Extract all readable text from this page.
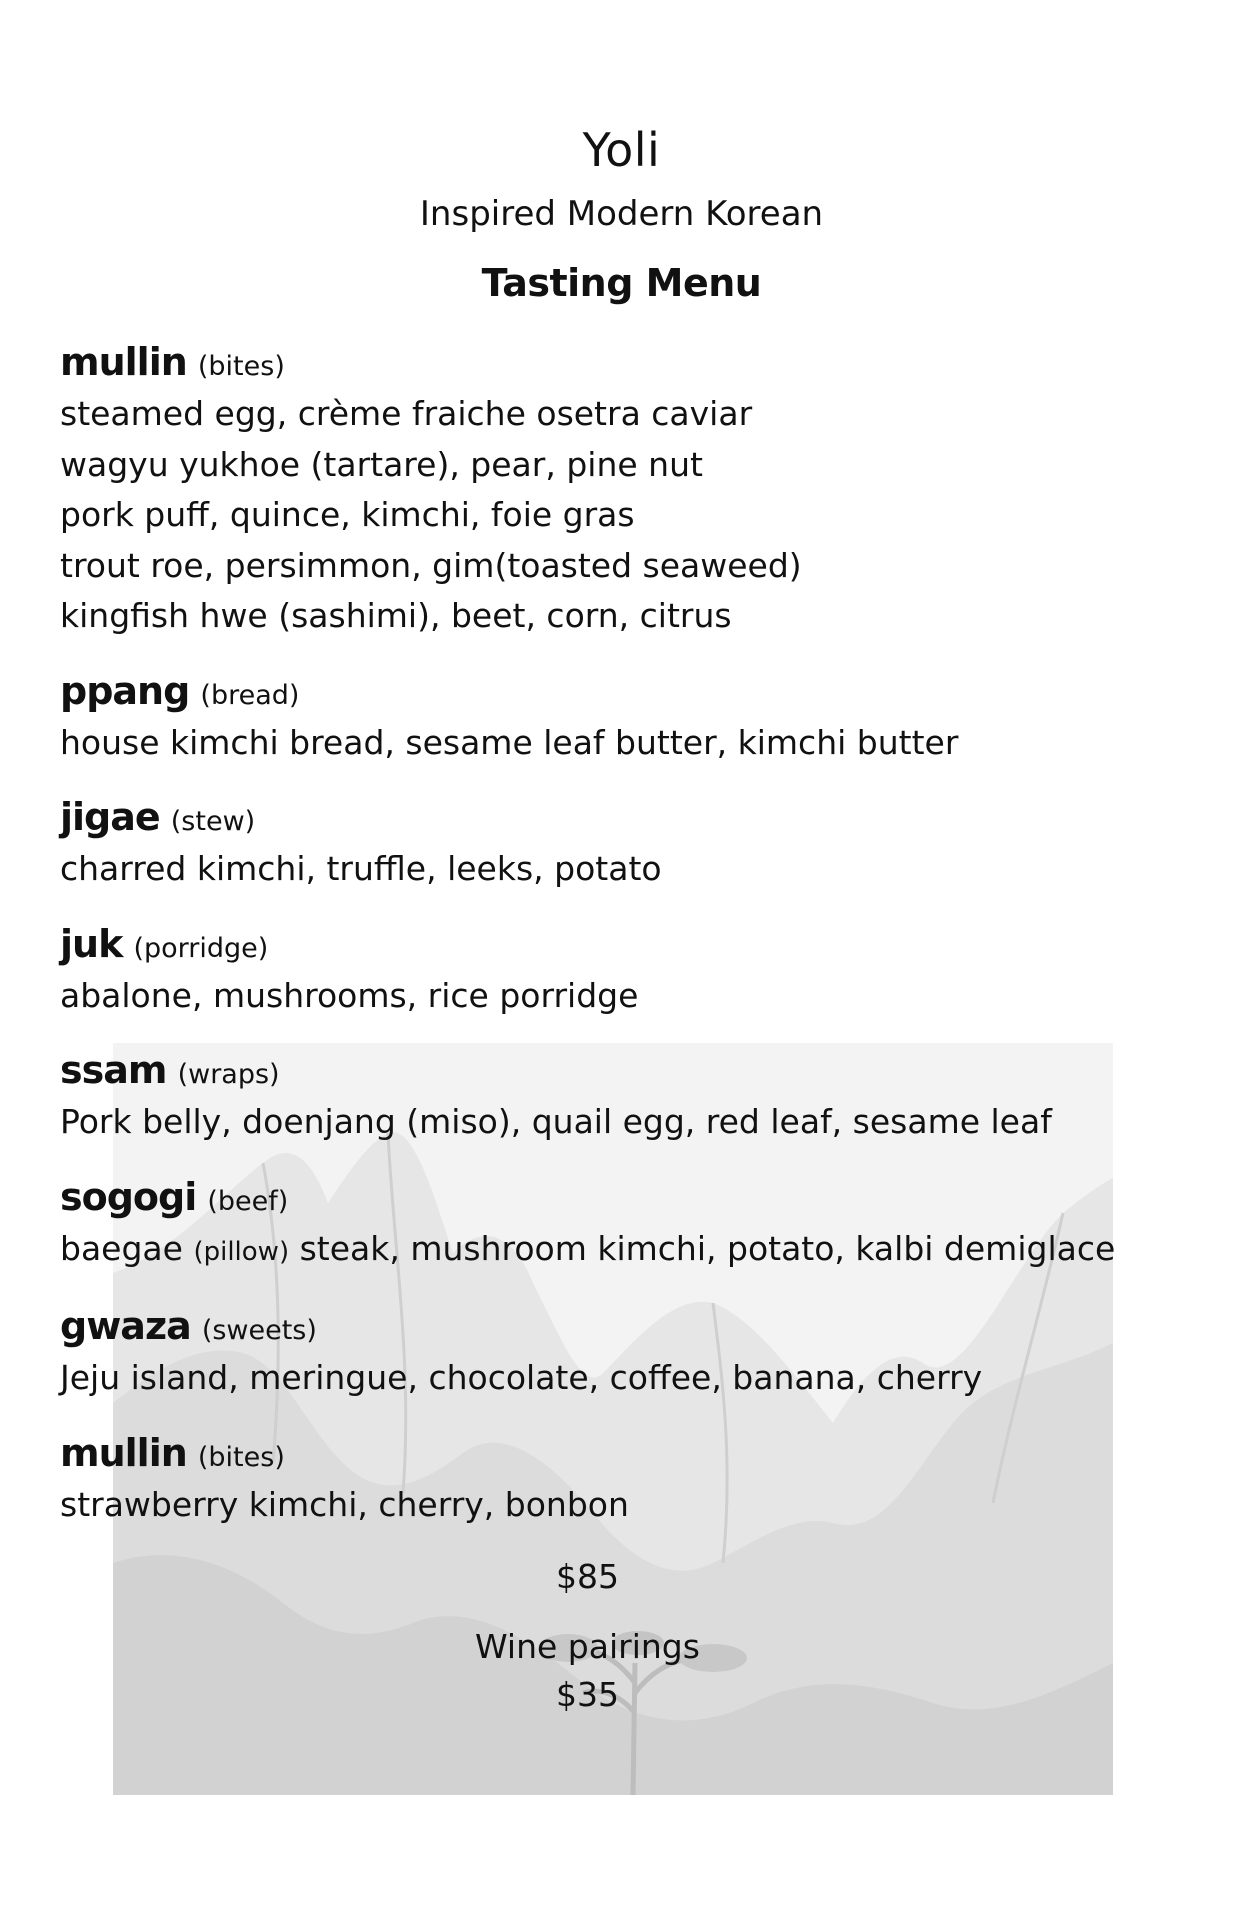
Yoli
Inspired Modern Korean
Tasting Menu
mullin (bites)
steamed egg, crème fraiche osetra caviar
wagyu yukhoe (tartare), pear, pine nut
pork puff, quince, kimchi, foie gras
trout roe, persimmon, gim(toasted seaweed)
kingfish hwe (sashimi), beet, corn, citrus
ppang (bread)
house kimchi bread, sesame leaf butter, kimchi butter
jigae (stew)
charred kimchi, truffle, leeks, potato
juk (porridge)
abalone, mushrooms, rice porridge
ssam (wraps)
Pork belly, doenjang (miso), quail egg, red leaf, sesame leaf
sogogi (beef)
baegae (pillow) steak, mushroom kimchi, potato, kalbi demiglace
gwaza (sweets)
Jeju island, meringue, chocolate, coffee, banana, cherry
mullin (bites)
strawberry kimchi, cherry, bonbon
$85
Wine pairings
$35
